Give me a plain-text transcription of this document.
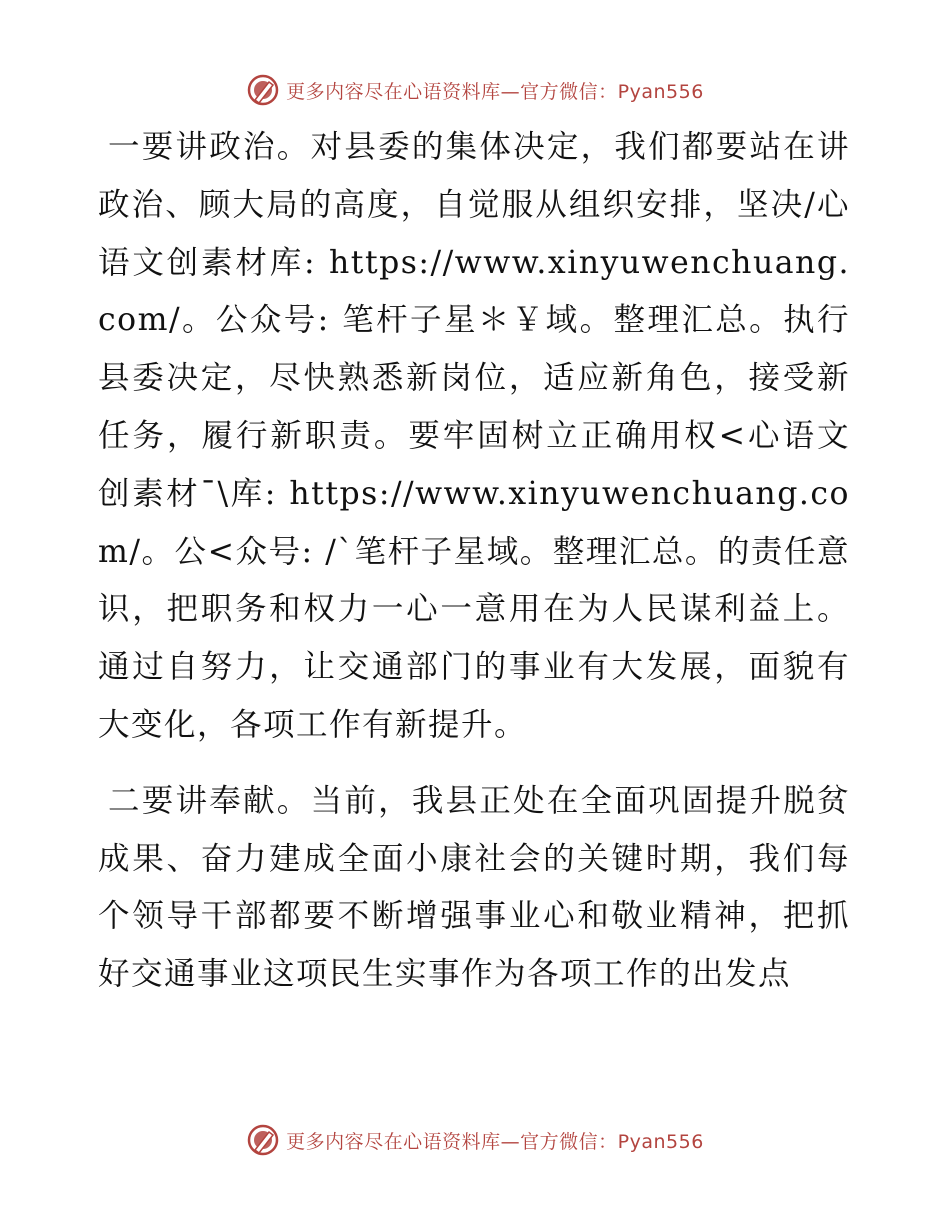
更多内容尽在心语资料库—官方微信：Pyan556

一要讲政治。对县委的集体决定，我们都要站在讲政治、顾大局的高度，自觉服从组织安排，坚决/心语文创素材库: https://www.xinyuwenchuang.com/。公众号: 笔杆子星＊￥域。整理汇总。执行县委决定，尽快熟悉新岗位，适应新角色，接受新任务，履行新职责。要牢固树立正确用权<心语文创素材¯\库: https://www.xinyuwenchuang.com/。公<众号: /`笔杆子星域。整理汇总。的责任意识，把职务和权力一心一意用在为人民谋利益上。通过自努力，让交通部门的事业有大发展，面貌有大变化，各项工作有新提升。

二要讲奉献。当前，我县正处在全面巩固提升脱贫成果、奋力建成全面小康社会的关键时期，我们每个领导干部都要不断增强事业心和敬业精神，把抓好交通事业这项民生实事作为各项工作的出发点

更多内容尽在心语资料库—官方微信：Pyan556
